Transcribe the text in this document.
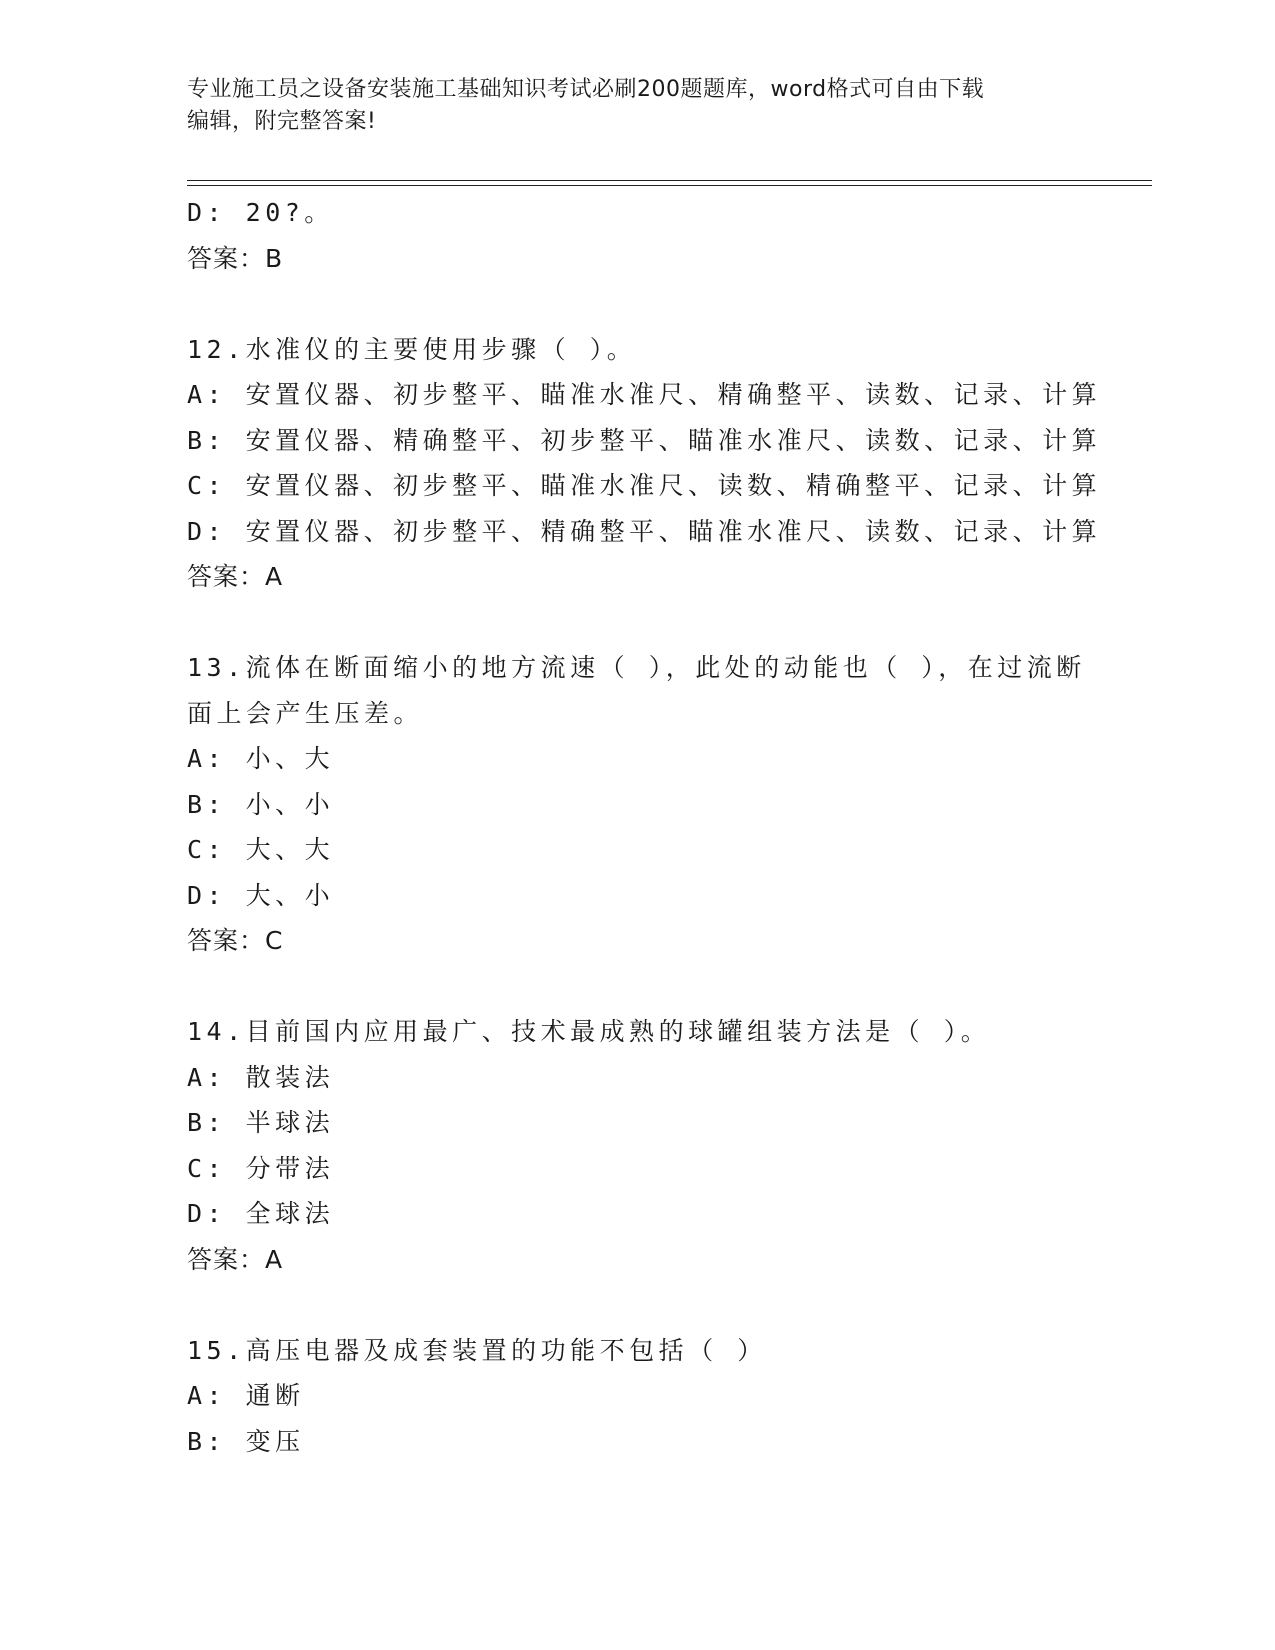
专业施工员之设备安装施工基础知识考试必刷200题题库，word格式可自由下载
编辑，附完整答案!
D: 20?。
答案：B
12.水准仪的主要使用步骤（ ）。
A: 安置仪器、初步整平、瞄准水准尺、精确整平、读数、记录、计算
B: 安置仪器、精确整平、初步整平、瞄准水准尺、读数、记录、计算
C: 安置仪器、初步整平、瞄准水准尺、读数、精确整平、记录、计算
D: 安置仪器、初步整平、精确整平、瞄准水准尺、读数、记录、计算
答案：A
13.流体在断面缩小的地方流速（ ），此处的动能也（ ），在过流断
面上会产生压差。
A: 小、大
B: 小、小
C: 大、大
D: 大、小
答案：C
14.目前国内应用最广、技术最成熟的球罐组装方法是（ ）。
A: 散装法
B: 半球法
C: 分带法
D: 全球法
答案：A
15.高压电器及成套装置的功能不包括（ ）
A: 通断
B: 变压
